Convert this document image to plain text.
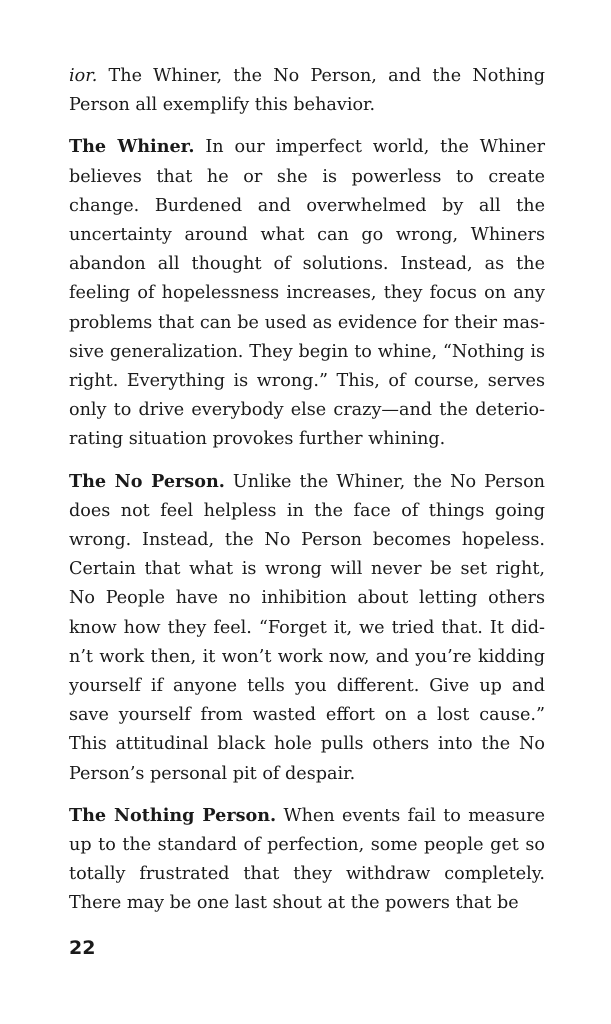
ior. The Whiner, the No Person, and the Nothing Person all exemplify this behavior.

The Whiner. In our imperfect world, the Whiner believes that he or she is powerless to create change. Burdened and overwhelmed by all the uncertainty around what can go wrong, Whiners abandon all thought of solutions. Instead, as the feeling of hopelessness increases, they focus on any problems that can be used as evidence for their massive generalization. They begin to whine, “Nothing is right. Everything is wrong.” This, of course, serves only to drive everybody else crazy—and the deteriorating situation provokes further whining.

The No Person. Unlike the Whiner, the No Person does not feel helpless in the face of things going wrong. Instead, the No Person becomes hopeless. Certain that what is wrong will never be set right, No People have no inhibition about letting others know how they feel. “Forget it, we tried that. It didn’t work then, it won’t work now, and you’re kidding yourself if anyone tells you different. Give up and save yourself from wasted effort on a lost cause.” This attitudinal black hole pulls others into the No Person’s personal pit of despair.

The Nothing Person. When events fail to measure up to the standard of perfection, some people get so totally frustrated that they withdraw completely. There may be one last shout at the powers that be

22
